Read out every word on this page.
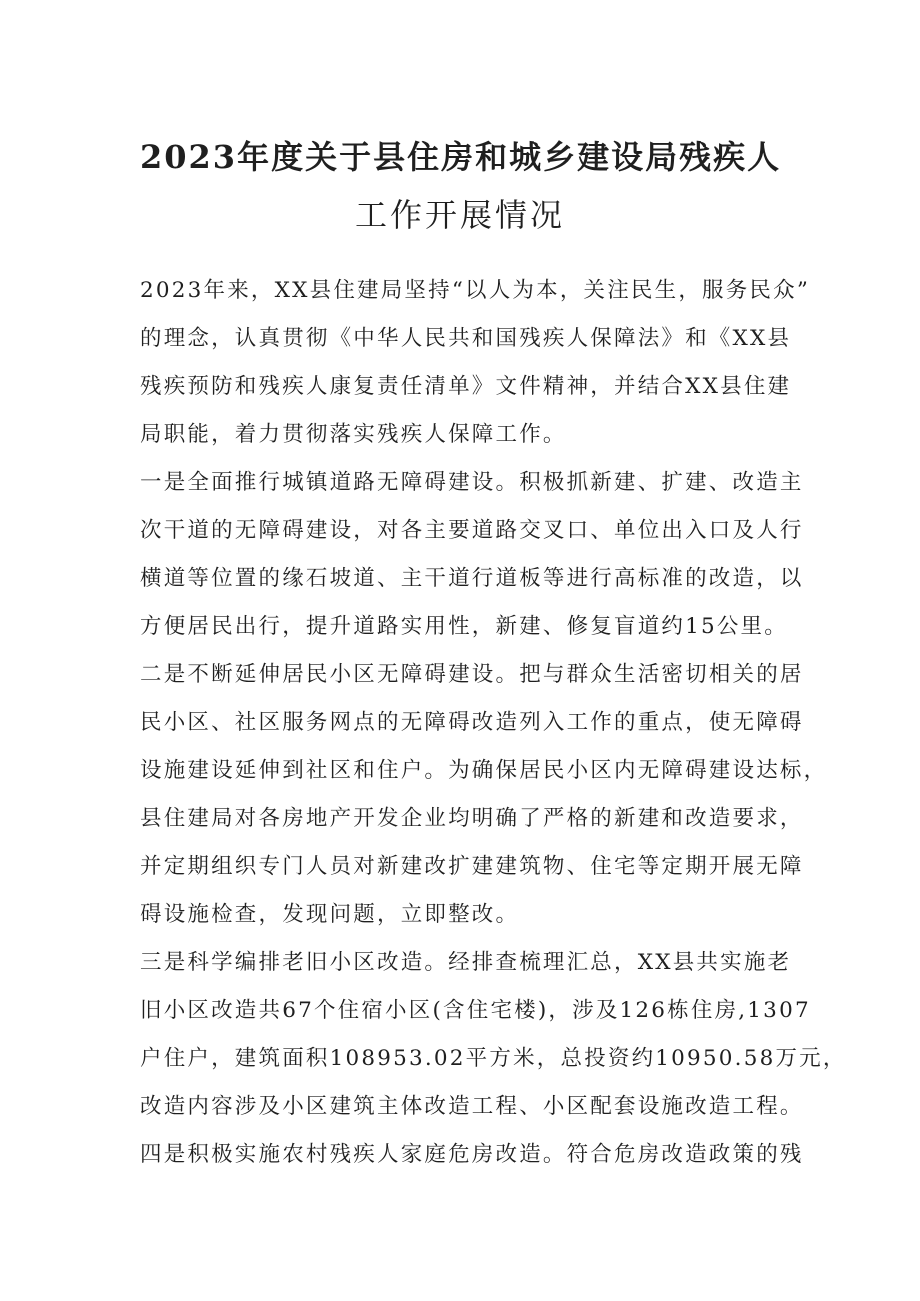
2023年度关于县住房和城乡建设局残疾人
工作开展情况
2023年来，XX县住建局坚持“以人为本，关注民生，服务民众”
的理念，认真贯彻《中华人民共和国残疾人保障法》和《XX县
残疾预防和残疾人康复责任清单》文件精神，并结合XX县住建
局职能，着力贯彻落实残疾人保障工作。
一是全面推行城镇道路无障碍建设。积极抓新建、扩建、改造主
次干道的无障碍建设，对各主要道路交叉口、单位出入口及人行
横道等位置的缘石坡道、主干道行道板等进行高标准的改造，以
方便居民出行，提升道路实用性，新建、修复盲道约15公里。
二是不断延伸居民小区无障碍建设。把与群众生活密切相关的居
民小区、社区服务网点的无障碍改造列入工作的重点，使无障碍
设施建设延伸到社区和住户。为确保居民小区内无障碍建设达标，
县住建局对各房地产开发企业均明确了严格的新建和改造要求，
并定期组织专门人员对新建改扩建建筑物、住宅等定期开展无障
碍设施检查，发现问题，立即整改。
三是科学编排老旧小区改造。经排查梳理汇总，XX县共实施老
旧小区改造共67个住宿小区(含住宅楼)，涉及126栋住房,1307
户住户，建筑面积108953.02平方米，总投资约10950.58万元，
改造内容涉及小区建筑主体改造工程、小区配套设施改造工程。
四是积极实施农村残疾人家庭危房改造。符合危房改造政策的残
